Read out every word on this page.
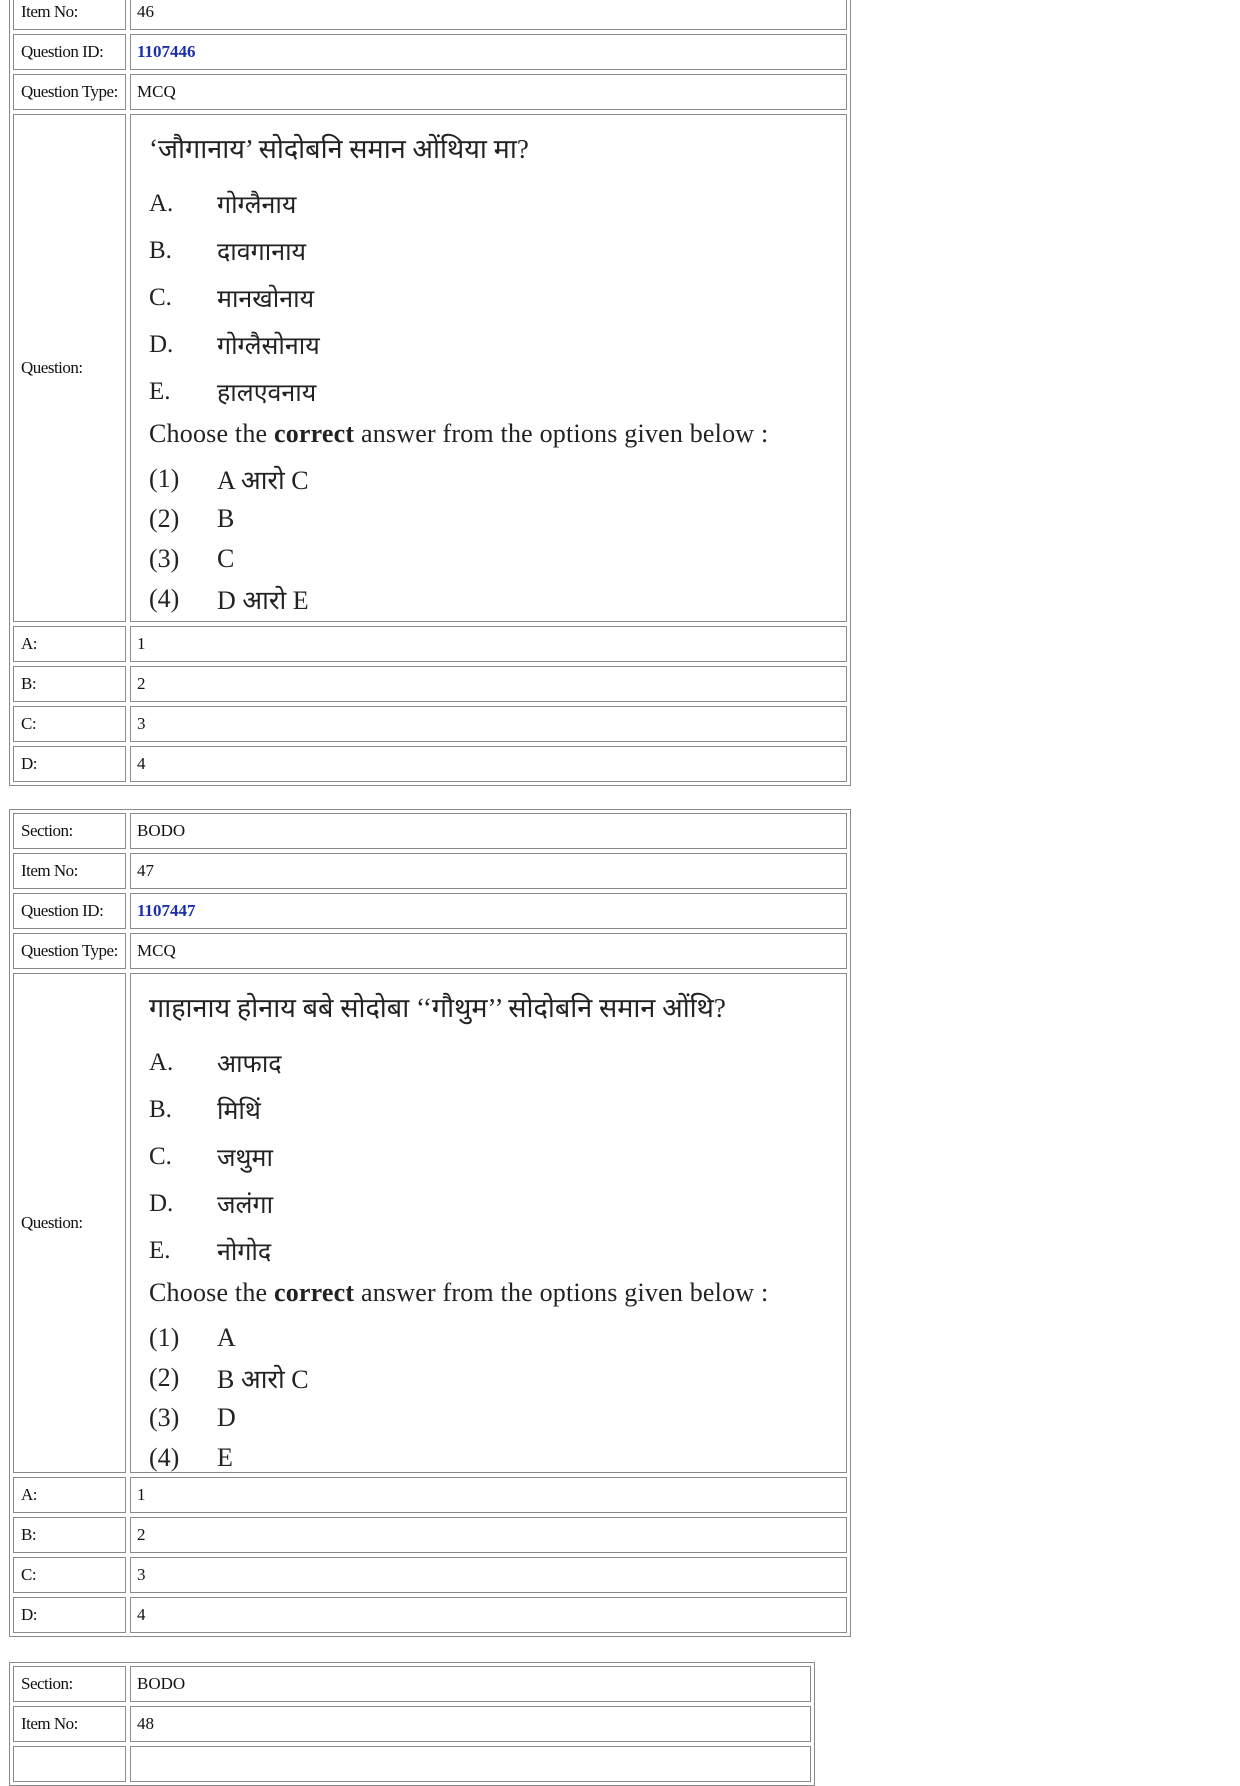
Item No:	46
Question ID:	1107446
Question Type:	MCQ
Question:
‘जौगानाय’ सोदोबनि समान ओंथिया मा?
A.	गोग्लैनाय
B.	दावगानाय
C.	मानखोनाय
D.	गोग्लैसोनाय
E.	हालएवनाय
Choose the correct answer from the options given below :
(1)	A आरो C
(2)	B
(3)	C
(4)	D आरो E
A:	1
B:	2
C:	3
D:	4
Section:	BODO
Item No:	47
Question ID:	1107447
Question Type:	MCQ
Question:
गाहानाय होनाय बबे सोदोबा ‘‘गौथुम’’ सोदोबनि समान ओंथि?
A.	आफाद
B.	मिथिं
C.	जथुमा
D.	जलंगा
E.	नोगोद
Choose the correct answer from the options given below :
(1)	A
(2)	B आरो C
(3)	D
(4)	E
A:	1
B:	2
C:	3
D:	4
Section:	BODO
Item No:	48
